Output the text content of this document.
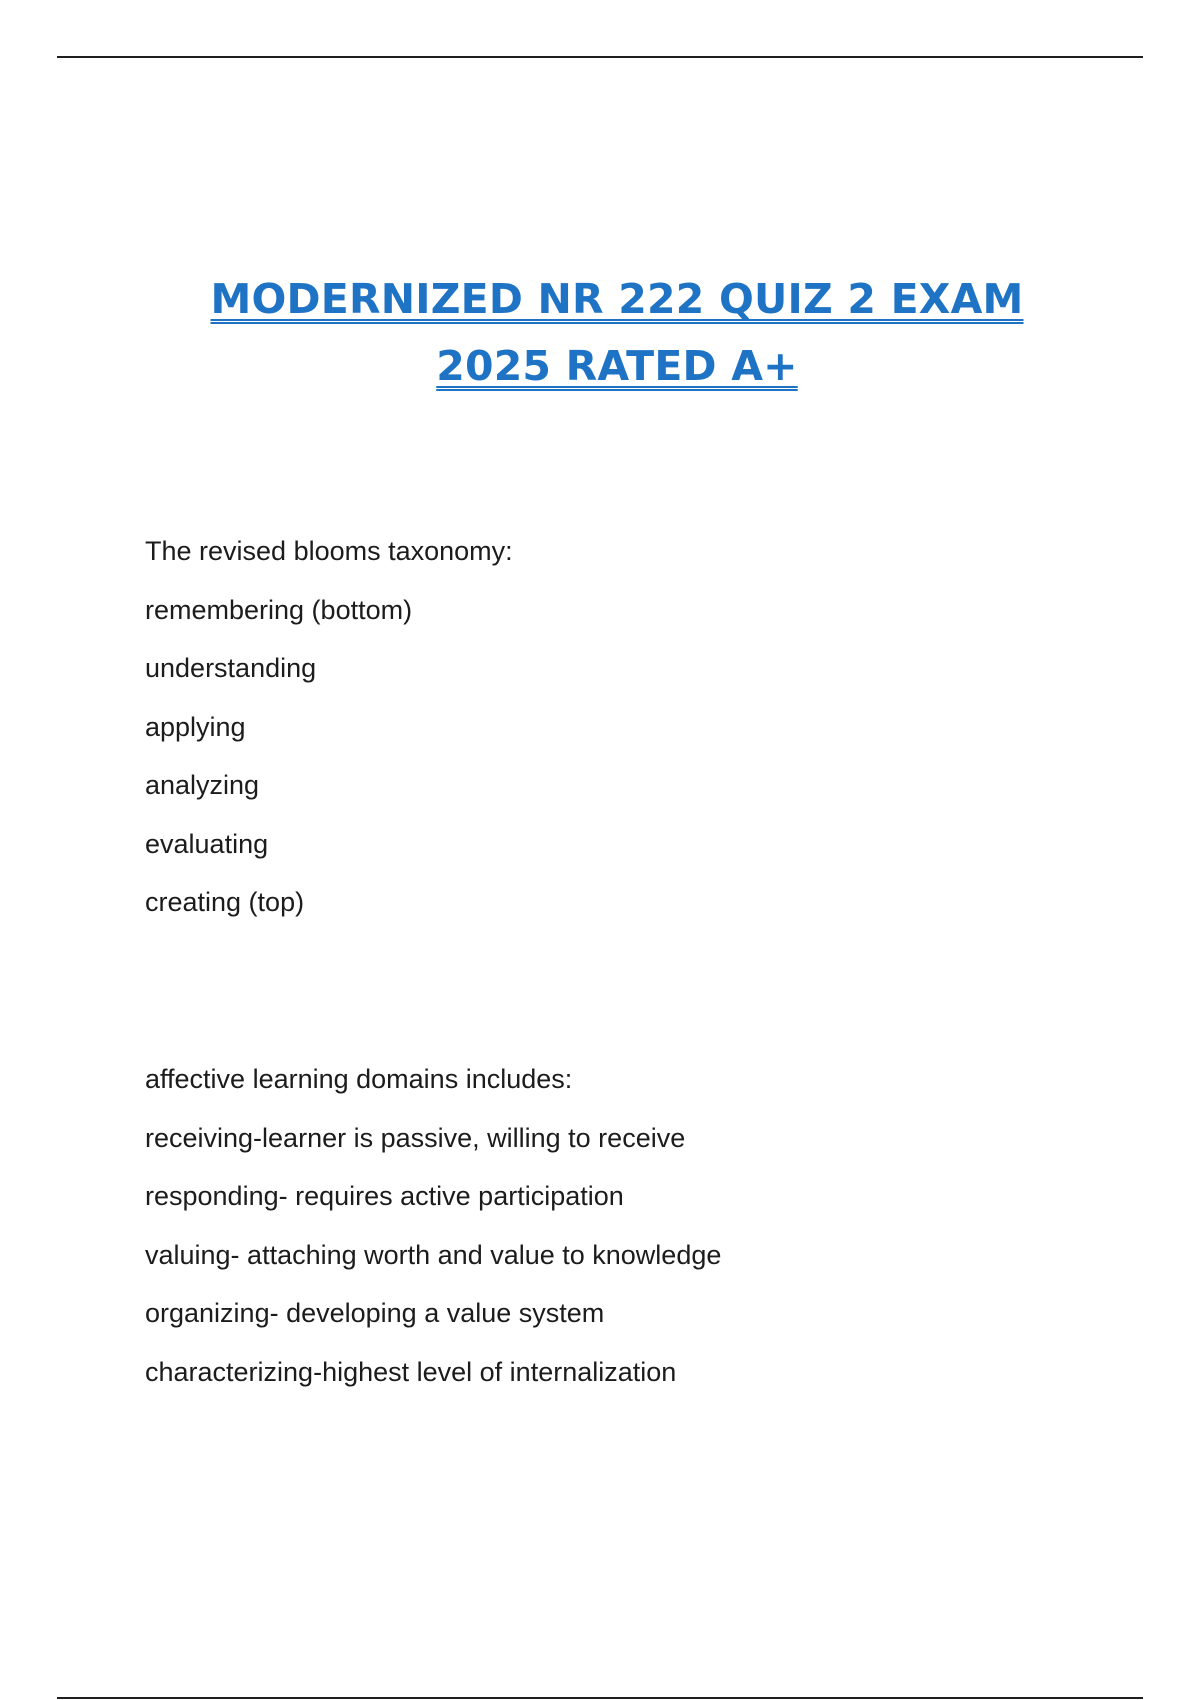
MODERNIZED NR 222 QUIZ 2 EXAM
2025 RATED A+
The revised blooms taxonomy:
remembering (bottom)
understanding
applying
analyzing
evaluating
creating (top)
affective learning domains includes:
receiving-learner is passive, willing to receive
responding- requires active participation
valuing- attaching worth and value to knowledge
organizing- developing a value system
characterizing-highest level of internalization
